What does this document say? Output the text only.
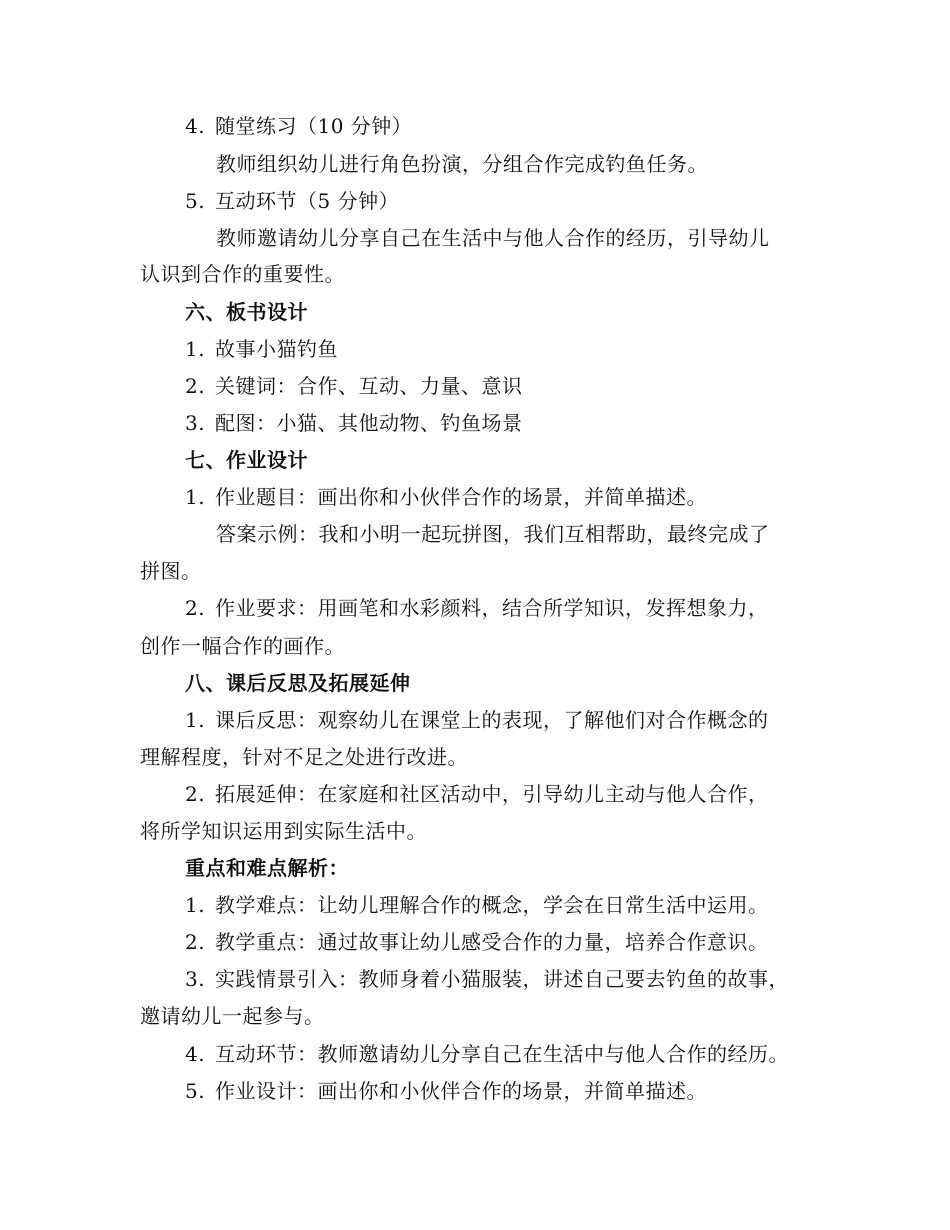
4. 随堂练习（10 分钟）
教师组织幼儿进行角色扮演，分组合作完成钓鱼任务。
5. 互动环节（5 分钟）
教师邀请幼儿分享自己在生活中与他人合作的经历，引导幼儿
认识到合作的重要性。
六、板书设计
1. 故事小猫钓鱼
2. 关键词：合作、互动、力量、意识
3. 配图：小猫、其他动物、钓鱼场景
七、作业设计
1. 作业题目：画出你和小伙伴合作的场景，并简单描述。
答案示例：我和小明一起玩拼图，我们互相帮助，最终完成了
拼图。
2. 作业要求：用画笔和水彩颜料，结合所学知识，发挥想象力，
创作一幅合作的画作。
八、课后反思及拓展延伸
1. 课后反思：观察幼儿在课堂上的表现，了解他们对合作概念的
理解程度，针对不足之处进行改进。
2. 拓展延伸：在家庭和社区活动中，引导幼儿主动与他人合作，
将所学知识运用到实际生活中。
重点和难点解析：
1. 教学难点：让幼儿理解合作的概念，学会在日常生活中运用。
2. 教学重点：通过故事让幼儿感受合作的力量，培养合作意识。
3. 实践情景引入：教师身着小猫服装，讲述自己要去钓鱼的故事，
邀请幼儿一起参与。
4. 互动环节：教师邀请幼儿分享自己在生活中与他人合作的经历。
5. 作业设计：画出你和小伙伴合作的场景，并简单描述。
